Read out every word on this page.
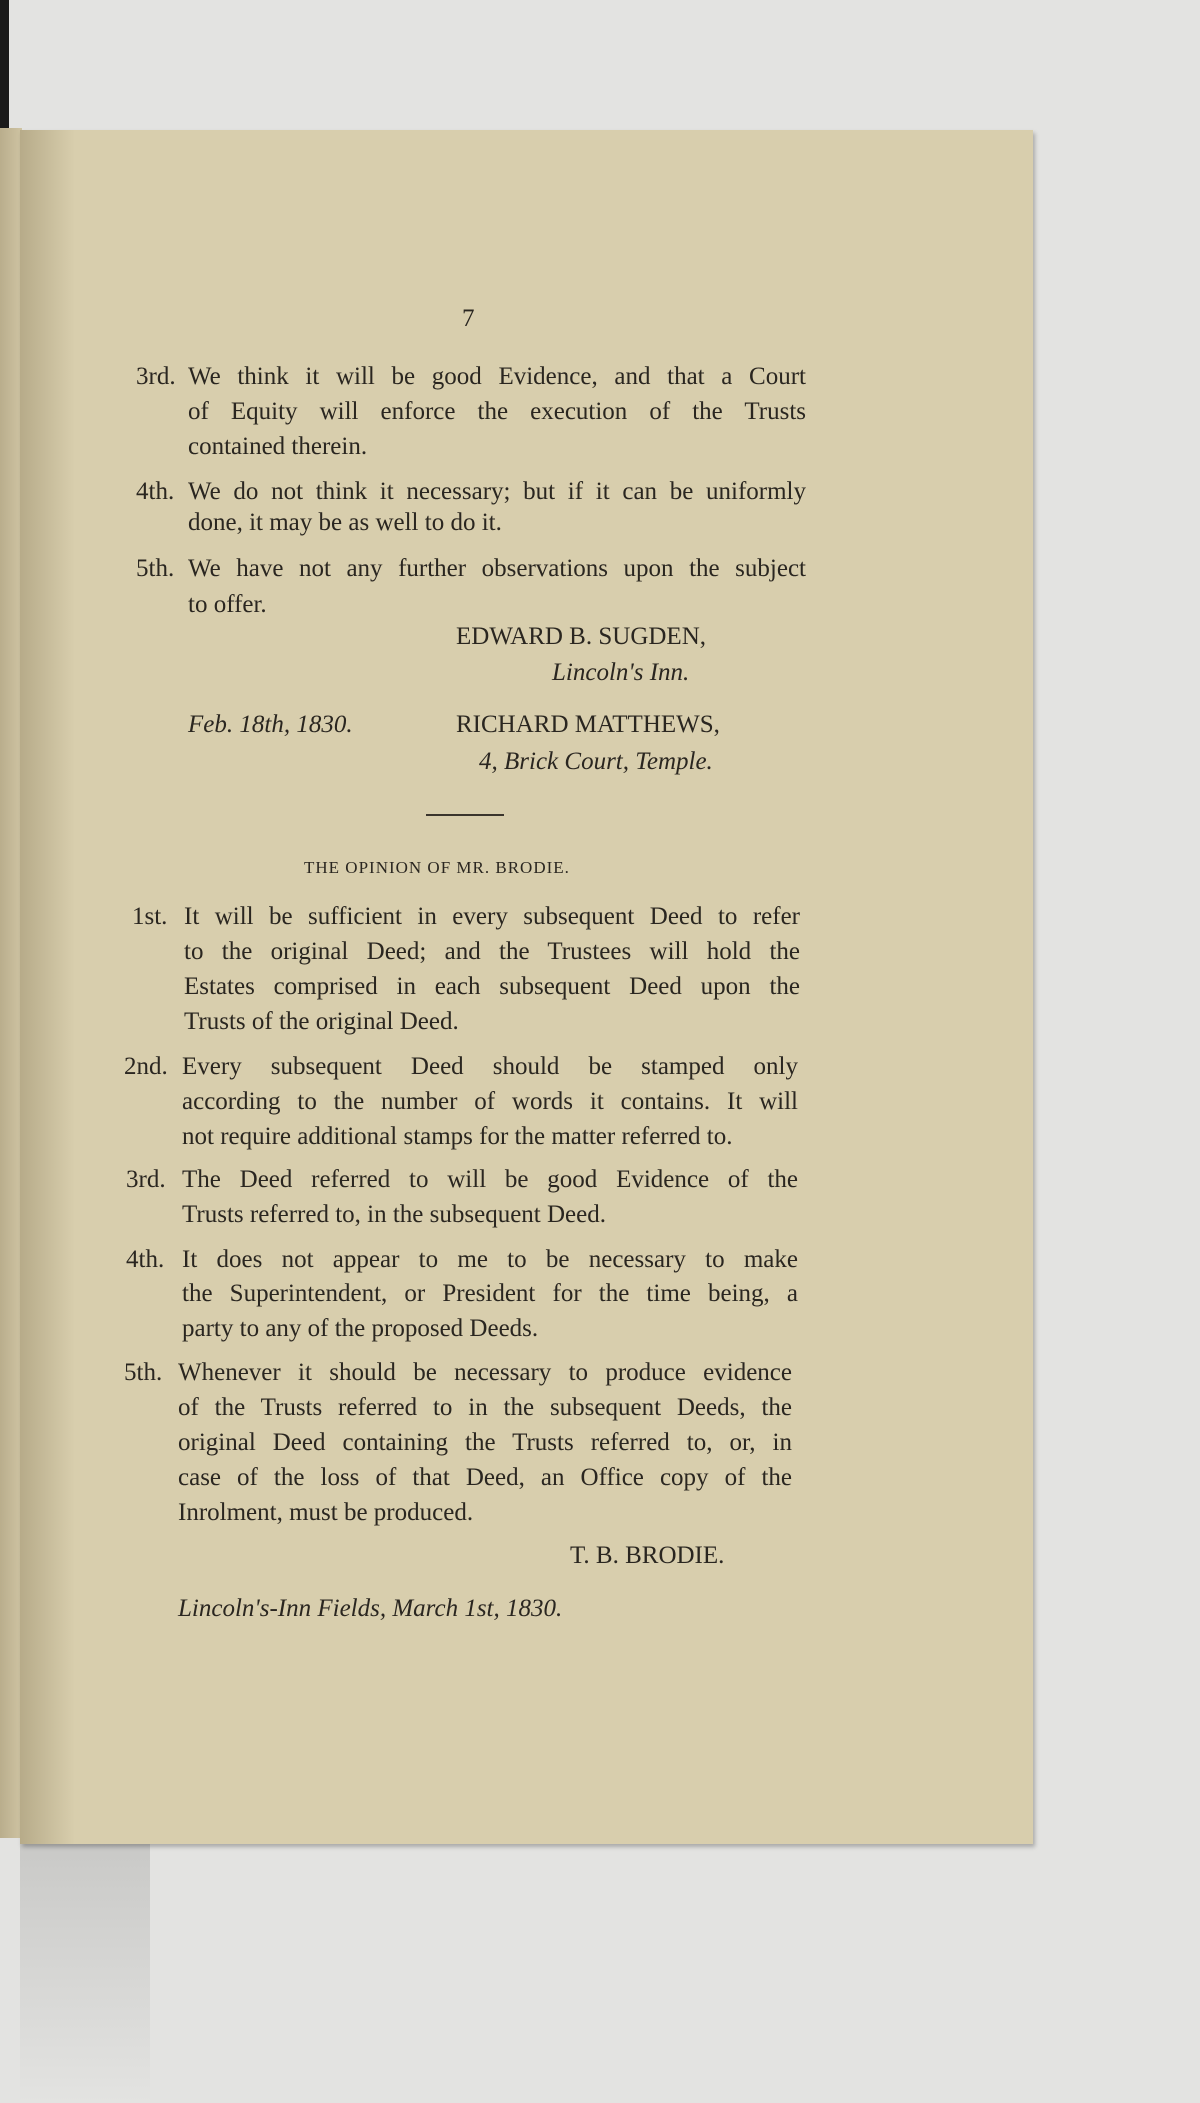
7
3rd. We think it will be good Evidence, and that a Court
of Equity will enforce the execution of the Trusts
contained therein.
4th. We do not think it necessary; but if it can be uniformly
done, it may be as well to do it.
5th. We have not any further observations upon the subject
to offer.
EDWARD B. SUGDEN,
Lincoln's Inn.
Feb. 18th, 1830.	RICHARD MATTHEWS,
4, Brick Court, Temple.
THE OPINION OF MR. BRODIE.
1st. It will be sufficient in every subsequent Deed to refer
to the original Deed; and the Trustees will hold the
Estates comprised in each subsequent Deed upon the
Trusts of the original Deed.
2nd. Every subsequent Deed should be stamped only
according to the number of words it contains. It will
not require additional stamps for the matter referred to.
3rd. The Deed referred to will be good Evidence of the
Trusts referred to, in the subsequent Deed.
4th. It does not appear to me to be necessary to make
the Superintendent, or President for the time being, a
party to any of the proposed Deeds.
5th. Whenever it should be necessary to produce evidence
of the Trusts referred to in the subsequent Deeds, the
original Deed containing the Trusts referred to, or, in
case of the loss of that Deed, an Office copy of the
Inrolment, must be produced.
T. B. BRODIE.
Lincoln's-Inn Fields, March 1st, 1830.
